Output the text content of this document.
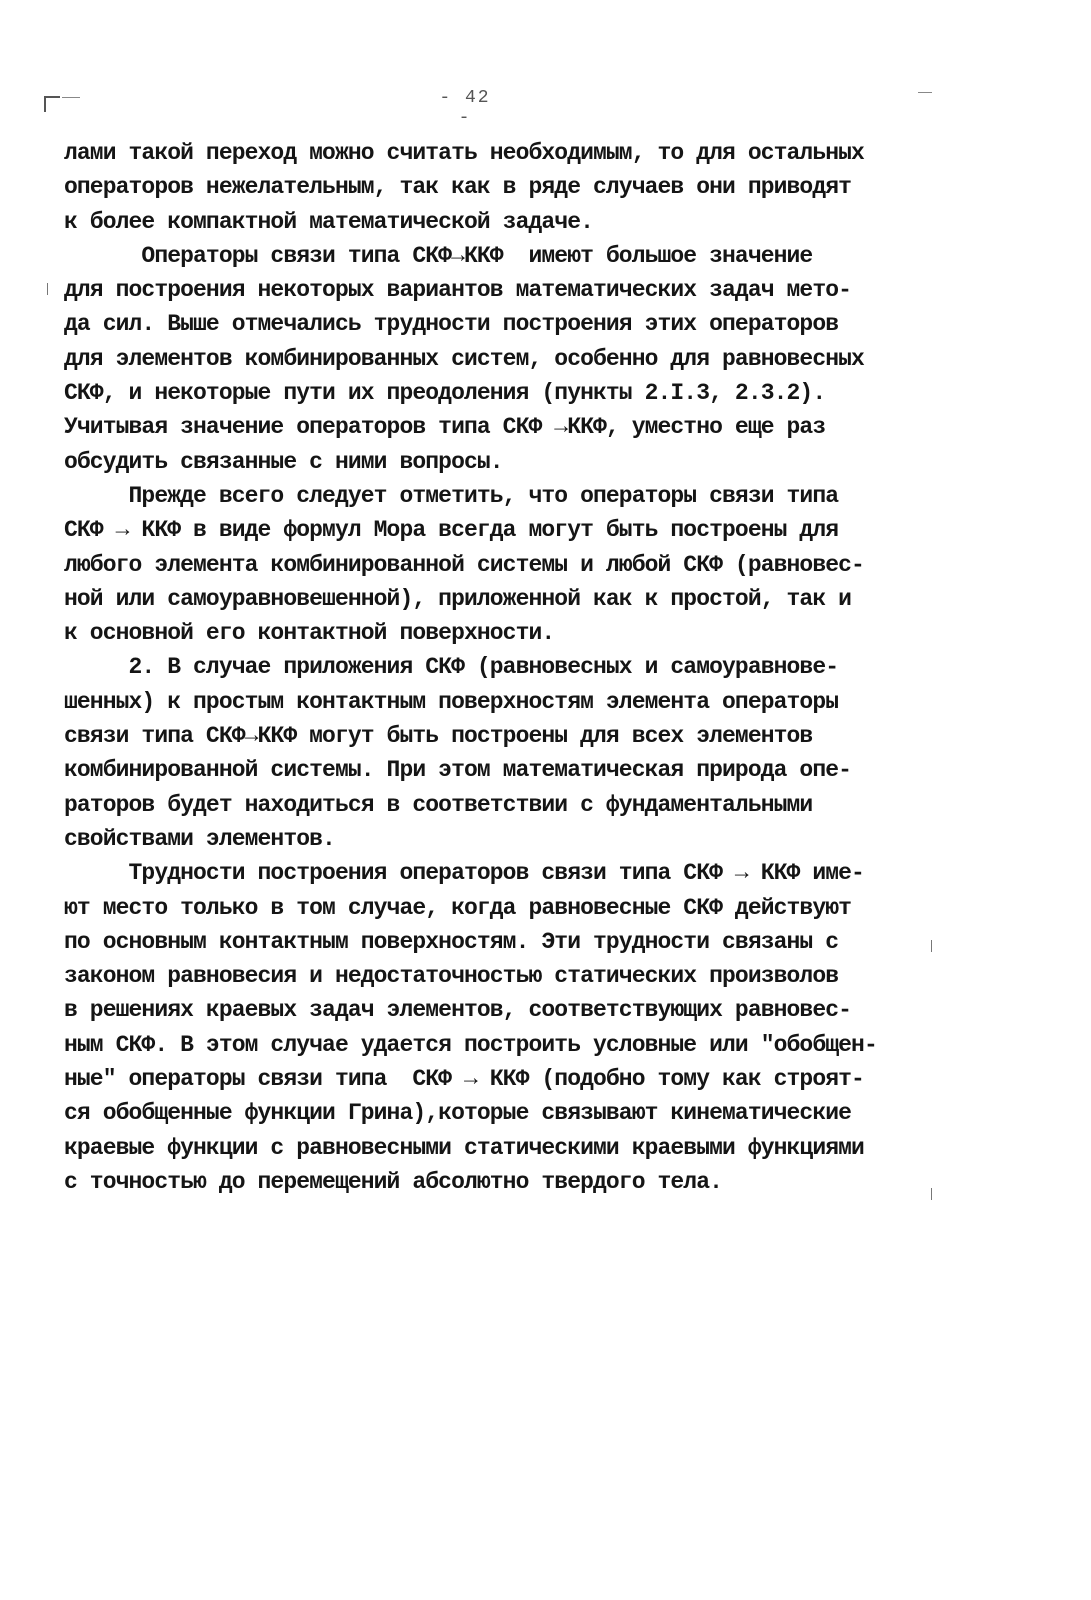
- 42 -
лами такой переход можно считать необходимым, то для остальных
операторов нежелательным, так как в ряде случаев они приводят
к более компактной математической задаче.
Операторы связи типа СКФ→ККФ  имеют большое значение
для построения некоторых вариантов математических задач мето-
да сил. Выше отмечались трудности построения этих операторов
для элементов комбинированных систем, особенно для равновесных
СКФ, и некоторые пути их преодоления (пункты 2.I.3, 2.3.2).
Учитывая значение операторов типа СКФ →ККФ, уместно еще раз
обсудить связанные с ними вопросы.
Прежде всего следует отметить, что операторы связи типа
СКФ → ККФ в виде формул Мора всегда могут быть построены для
любого элемента комбинированной системы и любой СКФ (равновес-
ной или самоуравновешенной), приложенной как к простой, так и
к основной его контактной поверхности.
2. В случае приложения СКФ (равновесных и самоуравнове-
шенных) к простым контактным поверхностям элемента операторы
связи типа СКФ→ККФ могут быть построены для всех элементов
комбинированной системы. При этом математическая природа опе-
раторов будет находиться в соответствии с фундаментальными
свойствами элементов.
Трудности построения операторов связи типа СКФ → ККФ име-
ют место только в том случае, когда равновесные СКФ действуют
по основным контактным поверхностям. Эти трудности связаны с
законом равновесия и недостаточностью статических произволов
в решениях краевых задач элементов, соответствующих равновес-
ным СКФ. В этом случае удается построить условные или "обобщен-
ные" операторы связи типа  СКФ → ККФ (подобно тому как строят-
ся обобщенные функции Грина),которые связывают кинематические
краевые функции с равновесными статическими краевыми функциями
с точностью до перемещений абсолютно твердого тела.
